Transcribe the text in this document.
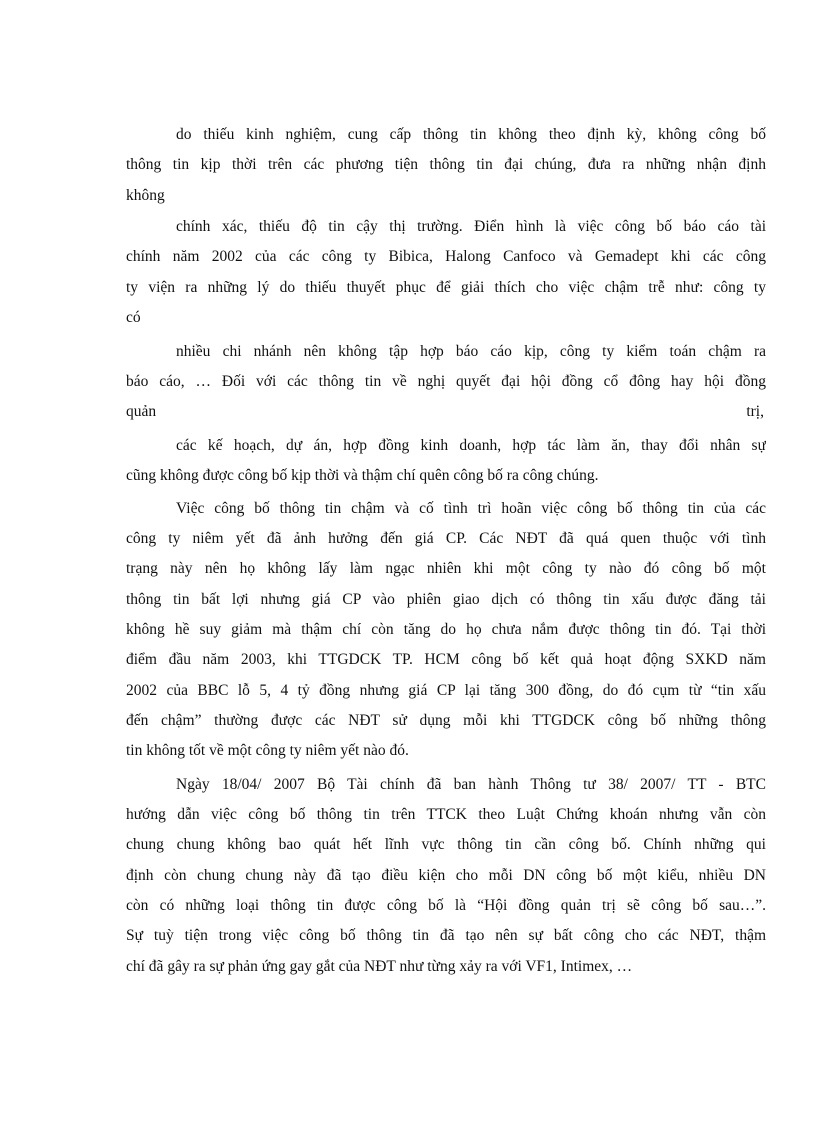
do thiếu kinh nghiệm, cung cấp thông tin không theo định kỳ, không công bố

thông tin kịp thời trên các phương tiện thông tin đại chúng, đưa ra những nhận định

không

chính xác, thiếu độ tin cậy thị trường. Điển hình là việc công bố báo cáo tài

chính năm 2002 của các công ty Bibica, Halong Canfoco và Gemadept khi các công

ty viện ra những lý do thiếu thuyết phục để giải thích cho việc chậm trễ như: công ty

có

nhiều chi nhánh nên không tập hợp báo cáo kịp, công ty kiểm toán chậm ra

báo cáo, … Đối với các thông tin về nghị quyết đại hội đồng cổ đông hay hội đồng

quản	trị,

các kế hoạch, dự án, hợp đồng kinh doanh, hợp tác làm ăn, thay đổi nhân sự

cũng không được công bố kịp thời và thậm chí quên công bố ra công chúng.

Việc công bố thông tin chậm và cố tình trì hoãn việc công bố thông tin của các

công ty niêm yết đã ảnh hưởng đến giá CP. Các NĐT đã quá quen thuộc với tình

trạng này nên họ không lấy làm ngạc nhiên khi một công ty nào đó công bố một

thông tin bất lợi nhưng giá CP vào phiên giao dịch có thông tin xấu được đăng tải

không hề suy giảm mà thậm chí còn tăng do họ chưa nắm được thông tin đó. Tại thời

điểm đầu năm 2003, khi TTGDCK TP. HCM công bố kết quả hoạt động SXKD năm

2002 của BBC lỗ 5, 4 tỷ đồng nhưng giá CP lại tăng 300 đồng, do đó cụm từ “tin xấu

đến chậm” thường được các NĐT sử dụng mỗi khi TTGDCK công bố những thông

tin không tốt về một công ty niêm yết nào đó.

Ngày 18/04/ 2007 Bộ Tài chính đã ban hành Thông tư 38/ 2007/ TT - BTC

hướng dẫn việc công bố thông tin trên TTCK theo Luật Chứng khoán nhưng vẫn còn

chung chung không bao quát hết lĩnh vực thông tin cần công bố. Chính những qui

định còn chung chung này đã tạo điều kiện cho mỗi DN công bố một kiểu, nhiều DN

còn có những loại thông tin được công bố là “Hội đồng quản trị sẽ công bố sau…”.

Sự tuỳ tiện trong việc công bố thông tin đã tạo nên sự bất công cho các NĐT, thậm

chí đã gây ra sự phản ứng gay gắt của NĐT như từng xảy ra với VF1, Intimex, …
